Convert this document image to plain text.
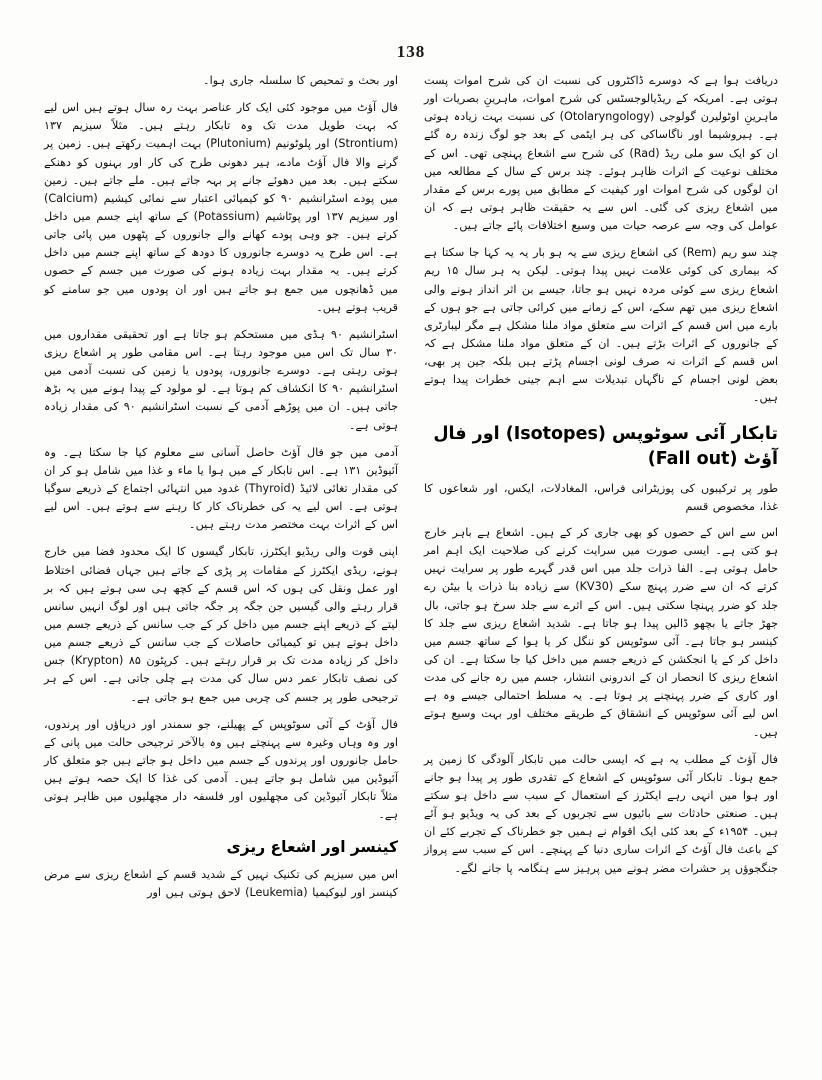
138

دریافت ہوا ہے کہ دوسرے ڈاکٹروں کی نسبت ان کی شرح اموات پست ہوتی ہے۔ امریکہ کے ریڈیالوجسٹس کی شرح اموات، ماہرینِ بصریات اور ماہرینِ اوٹولیرن گولوجی (Otolaryngology) کی نسبت بہت زیادہ ہوتی ہے۔ ہیروشیما اور ناگاساکی کی ہر ایٹمی کے بعد جو لوگ زندہ رہ گئے ان کو ایک سو ملی ریڈ (Rad) کی شرح سے اشعاع پہنچی تھی۔ اس کے مختلف نوعیت کے اثرات ظاہر ہوئے۔ چند برس کے سال کے مطالعہ میں ان لوگوں کی شرح اموات اور کیفیت کے مطابق میں پورے برس کے مقدار میں اشعاع ریزی کی گئی۔ اس سے یہ حقیقت ظاہر ہوتی ہے کہ ان عوامل کی وجہ سے عرصہ حیات میں وسیع اختلافات پائے جاتے ہیں۔

چند سو ریم (Rem) کی اشعاع ریزی سے یہ ہو بار یہ یہ کہا جا سکتا ہے کہ بیماری کی کوئی علامت نہیں پیدا ہوتی۔ لیکن یہ ہر سال ۱۵ ریم اشعاع ریزی سے کوئی مردہ نہیں ہو جاتا، جیسے بن اثر انداز ہونے والی اشعاع ریزی میں تھم سکے، اس کے زمانے میں کرائی جاتی ہے جو ہوں کے بارے میں اس قسم کے اثرات سے متعلق مواد ملنا مشکل ہے مگر لیبارٹری کے جانوروں کے اثرات بڑتے ہیں۔ ان کے متعلق مواد ملنا مشکل ہے کہ اس قسم کے اثرات نہ صرف لونی اجسام پڑتے ہیں بلکہ جین پر بھی، بعض لونی اجسام کے ناگہاں تبدیلات سے اہم جینی خطرات پیدا ہوتے ہیں۔

تابکار آئی سوٹوپس (Isotopes) اور فال آؤٹ (Fall out)

طور پر ترکیبوں کی پوزیٹرانی فراس، المغادلات، ایکس، اور شعاعوں کا غذا، مخصوص قسم

اس سے اس کے حصوں کو بھی جاری کر کے ہیں۔ اشعاع ہے باہر خارج ہو کتی ہے۔ ایسی صورت میں سرایت کرنے کی صلاحیت ایک اہم امر حامل ہوتی ہے۔ الفا ذرات جلد میں اس قدر گہرے طور پر سرایت نہیں کرتے کہ ان سے ضرر پہنچ سکے (KV30) سے زیادہ بنا ذرات یا بیٹن رے جلد کو ضرر پہنچا سکتی ہیں۔ اس کے اثرے سے جلد سرخ ہو جاتی، بال جھڑ جاتے یا بچھو ڈالیں پیدا ہو جاتا ہے۔ شدید اشعاع ریزی سے جلد کا کینسر ہو جاتا ہے۔ آئی سوٹوپس کو ننگل کر یا ہوا کے ساتھ جسم میں داخل کر کے یا انجکشن کے ذریعے جسم میں داخل کیا جا سکتا ہے۔ ان کی اشعاع ریزی کا انحصار ان کے اندرونی انتشار، جسم میں رہ جانے کی مدت اور کاری کے ضرر پہنچنے پر ہوتا ہے۔ یہ مسلط احتمالی جیسے وہ ہے اس لیے آئی سوٹوپس کے انشقاق کے طریقے مختلف اور بہت وسیع ہوتے ہیں۔

فال آؤٹ کے مطلب یہ ہے کہ ایسی حالت میں تابکار آلودگی کا زمین پر جمع ہونا۔ تابکار آئی سوٹوپس کے اشعاع کے تقدری طور پر پیدا ہو جانے اور ہوا میں انہی رہے ایکٹرز کے استعمال کے سبب سے داخل ہو سکتے ہیں۔ صنعتی حادثات سے بائیوں سے تجربوں کے بعد کی یہ ویڈیو ہو آئے ہیں۔ ۱۹۵۴ء کے بعد کئی ایک اقوام نے ہمیں جو خطرناک کے تجربے کئے ان کے باعث فال آؤٹ کے اثرات ساری دنیا کے پہنچے۔ اس کے سبب سے پرواز جنگجوؤں پر حشرات مضر ہونے میں پرہیز سے ہنگامہ پا جانے لگے۔

اور بحث و تمحیص کا سلسلہ جاری ہوا۔

فال آؤٹ میں موجود کئی ایک کار عناصر بہت رہ سال ہوتے ہیں اس لیے کہ بہت طویل مدت تک وہ تابکار رہتے ہیں۔ مثلاً سیزیم ۱۳۷ (Strontium) اور پلوٹونیم (Plutonium) بہت اہمیت رکھتے ہیں۔ زمین پر گرنے والا فال آؤٹ مادے، ہیر دھونی طرح کی کار اور بہنوں کو دھنکے سکتے ہیں۔ بعد میں دھوئے جانے پر بہہ جاتے ہیں۔ ملے جاتے ہیں۔ زمین میں پودے اسٹرانشیم ۹۰ کو کیمیائی اعتبار سے نمائی کیشیم (Calcium) اور سیزیم ۱۳۷ اور پوٹاشیم (Potassium) کے ساتھ اپنے جسم میں داخل کرتے ہیں۔ جو وہی پودے کھانے والے جانوروں کے پٹھوں میں پائی جاتی ہے۔ اس طرح یہ دوسرے جانوروں کا دودھ کے ساتھ اپنے جسم میں داخل کرتے ہیں۔ یہ مقدار بہت زیادہ ہونے کی صورت میں جسم کے حصوں میں ڈھانچوں میں جمع ہو جاتے ہیں اور ان پودوں میں جو سامنے کو قریب ہوتے ہیں۔

اسٹرانشیم ۹۰ ہڈی میں مستحکم ہو جاتا ہے اور تحقیقی مقداروں میں ۳۰ سال تک اس میں موجود رہتا ہے۔ اس مقامی طور پر اشعاع ریزی ہوتی رہتی ہے۔ دوسرے جانوروں، پودوں یا زمین کی نسبت آدمی میں اسٹرانشیم ۹۰ کا انکشاف کم ہوتا ہے۔ لو مولود کے پیدا ہونے میں یہ بڑھ جاتی ہیں۔ ان میں پوڑھے آدمی کے نسبت اسٹرانشیم ۹۰ کی مقدار زیادہ ہوتی ہے۔

آدمی میں جو فال آؤٹ حاصل آسانی سے معلوم کیا جا سکتا ہے۔ وہ آئیوڈین ۱۳۱ ہے۔ اس تابکار کے میں ہوا یا ماء و غذا میں شامل ہو کر ان کی مقدار تغائی لائیڈ (Thyroid) غدود میں انتہائی اجتماع کے ذریعے سوگیا ہوتی ہے۔ اس لیے یہ کی خطرناک کار کا رہنے سے ہوتے ہیں۔ اس لیے اس کے اثرات بہت مختصر مدت رہتے ہیں۔

اپنی قوت والی ریڈیو ایکٹرز، تابکار گیسوں کا ایک محدود فضا میں خارج ہونے، ریڈی ایکٹرز کے مقامات پر پڑی کے جاتے ہیں جہاں فضائی اختلاط اور عمل ونقل کی ہوں کہ اس قسم کے کچھ ہی سی ہوتے ہیں کہ بر قرار رہتے والی گیسیں جن جگہ پر جگہ جاتی ہیں اور لوگ انہیں سانس لیتے کے ذریعے اپنے جسم میں داخل کر کے جب سانس کے ذریعے جسم میں داخل ہوتے ہیں تو کیمیائی حاصلات کے جب سانس کے ذریعے جسم میں داخل کر زیادہ مدت تک بر قرار رہتے ہیں۔ کرپٹون ۸۵ (Krypton) جس کی نصف تابکار عمر دس سال کی مدت ہے چلی جاتی ہے۔ اس کے ہر ترجیحی طور پر جسم کی چربی میں جمع ہو جاتی ہے۔

فال آؤٹ کے آئی سوٹوپس کے پھیلنے، جو سمندر اور دریاؤں اور پرندوں، اور وہ وہاں وغیرہ سے پہنچتے ہیں وہ بالآخر ترجیحی حالت میں پانی کے حامل جانوروں اور پرندوں کے جسم میں داخل ہو جاتے ہیں جو متعلق کار آئیوڈین میں شامل ہو جاتے ہیں۔ آدمی کی غذا کا ایک حصہ ہوتے ہیں مثلاً تابکار آئیوڈین کی مچھلیوں اور فلسفہ دار مچھلیوں میں ظاہر ہوتی ہے۔

کینسر اور اشعاع ریزی

اس میں سیزیم کی تکنیک نہیں کے شدید قسم کے اشعاع ریزی سے مرض کینسر اور لیوکیمیا (Leukemia) لاحق ہوتی ہیں اور
